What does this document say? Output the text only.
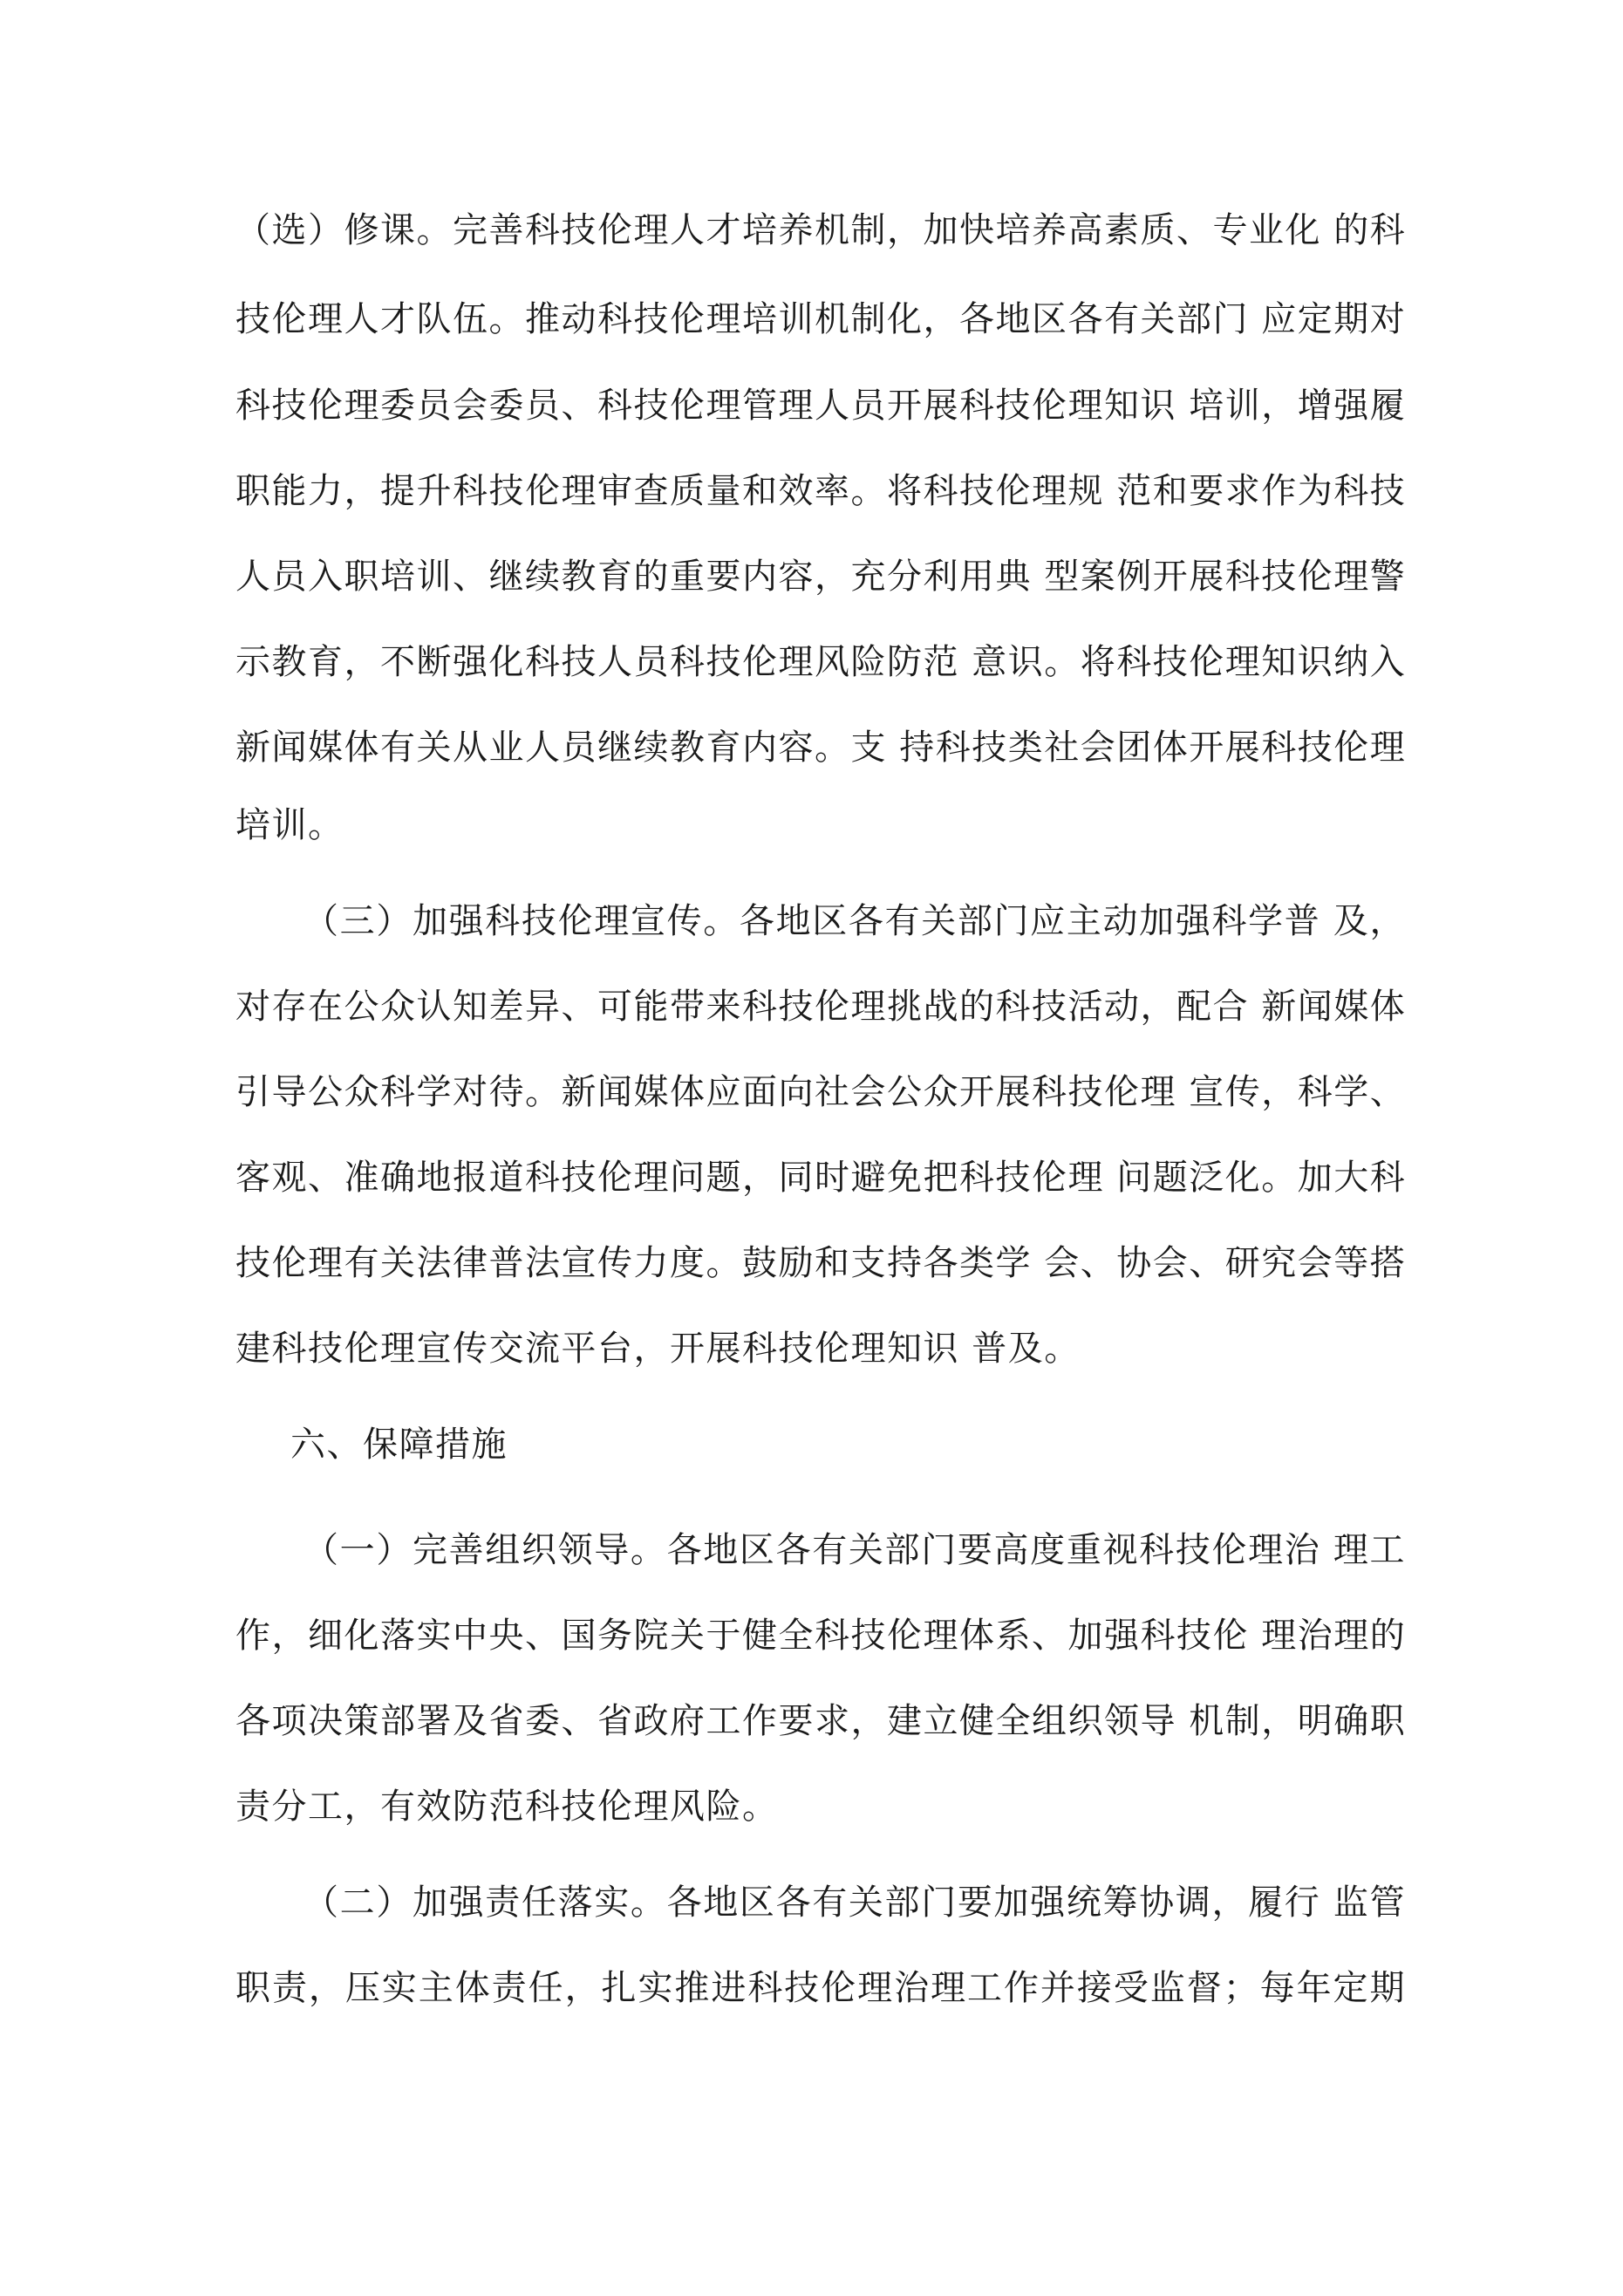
（选）修课。完善科技伦理人才培养机制，加快培养高素质、专业化 的科
技伦理人才队伍。推动科技伦理培训机制化，各地区各有关部门 应定期对
科技伦理委员会委员、科技伦理管理人员开展科技伦理知识 培训，增强履
职能力，提升科技伦理审查质量和效率。将科技伦理规 范和要求作为科技
人员入职培训、继续教育的重要内容，充分利用典 型案例开展科技伦理警
示教育，不断强化科技人员科技伦理风险防范 意识。将科技伦理知识纳入
新闻媒体有关从业人员继续教育内容。支 持科技类社会团体开展科技伦理
培训。
（三）加强科技伦理宣传。各地区各有关部门应主动加强科学普 及，
对存在公众认知差异、可能带来科技伦理挑战的科技活动，配合 新闻媒体
引导公众科学对待。新闻媒体应面向社会公众开展科技伦理 宣传，科学、
客观、准确地报道科技伦理问题，同时避免把科技伦理 问题泛化。加大科
技伦理有关法律普法宣传力度。鼓励和支持各类学 会、协会、研究会等搭
建科技伦理宣传交流平台，开展科技伦理知识 普及。
六、保障措施
（一）完善组织领导。各地区各有关部门要高度重视科技伦理治 理工
作，细化落实中央、国务院关于健全科技伦理体系、加强科技伦 理治理的
各项决策部署及省委、省政府工作要求，建立健全组织领导 机制，明确职
责分工，有效防范科技伦理风险。
（二）加强责任落实。各地区各有关部门要加强统筹协调，履行 监管
职责，压实主体责任，扎实推进科技伦理治理工作并接受监督；每年定期
